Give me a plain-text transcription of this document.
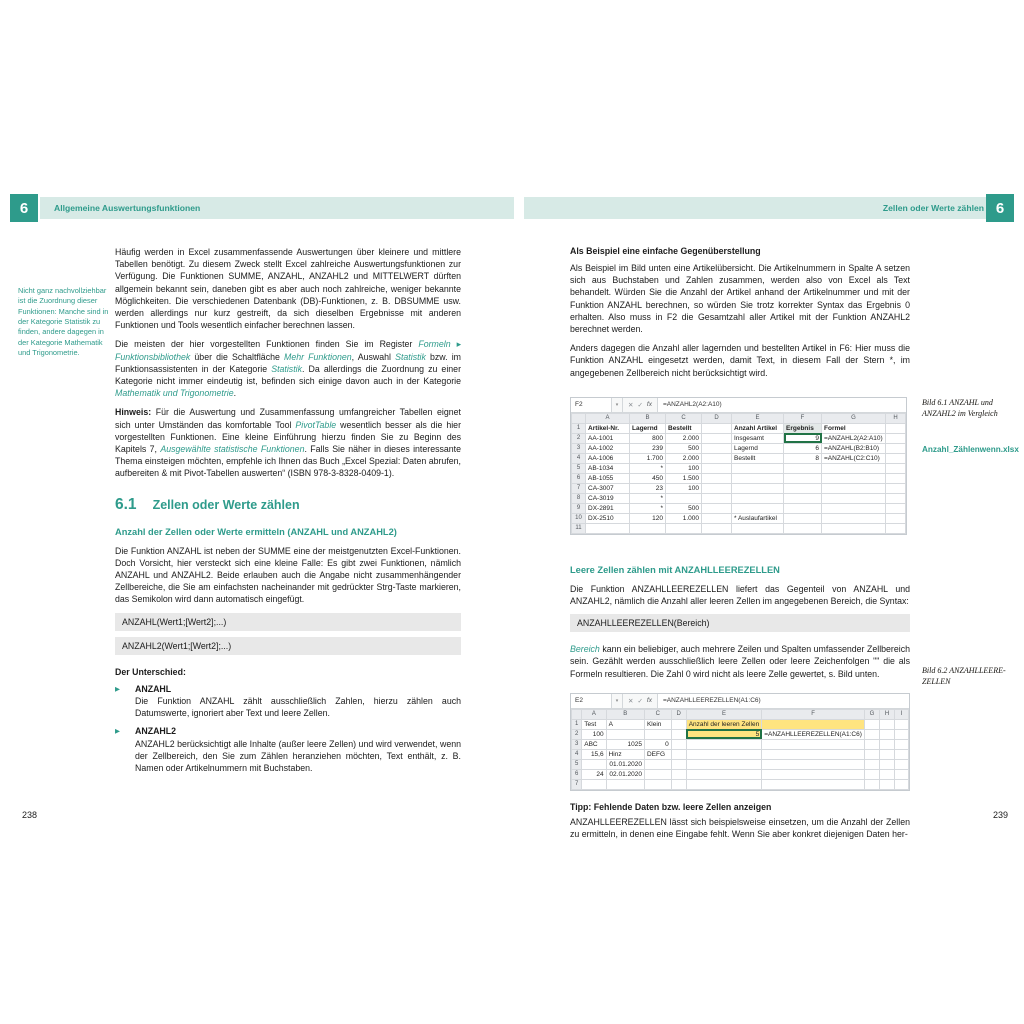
6	Allgemeine Auswertungsfunktionen	Zellen oder Werte zählen 6
Nicht ganz nachvollziehbar ist die Zuordnung dieser Funktionen: Manche sind in der Kategorie Statistik zu finden, andere dagegen in der Kategorie Mathematik und Trigonometrie.

Häufig werden in Excel zusammenfassende Auswertungen über kleinere und mittlere Tabellen benötigt. Zu diesem Zweck stellt Excel zahlreiche Auswertungsfunktionen zur Verfügung. Die Funktionen SUMME, ANZAHL, ANZAHL2 und MITTELWERT dürften allgemein bekannt sein, daneben gibt es aber auch noch zahlreiche, weniger bekannte Möglichkeiten. Die verschiedenen Datenbank (DB)-Funktionen, z. B. DBSUMME usw. werden allerdings nur kurz gestreift, da sich dieselben Ergebnisse mit anderen Funktionen und Tools wesentlich einfacher berechnen lassen.

Die meisten der hier vorgestellten Funktionen finden Sie im Register Formeln ▸ Funktionsbibliothek über die Schaltfläche Mehr Funktionen, Auswahl Statistik bzw. im Funktionsassistenten in der Kategorie Statistik. Da allerdings die Zuordnung zu einer Kategorie nicht immer eindeutig ist, befinden sich einige davon auch in der Kategorie Mathematik und Trigonometrie.

Hinweis: Für die Auswertung und Zusammenfassung umfangreicher Tabellen eignet sich unter Umständen das komfortable Tool PivotTable wesentlich besser als die hier vorgestellten Funktionen. Eine kleine Einführung hierzu finden Sie zu Beginn des Kapitels 7, Ausgewählte statistische Funktionen. Falls Sie näher in dieses interessante Thema einsteigen möchten, empfehle ich Ihnen das Buch „Excel Spezial: Daten abrufen, aufbereiten & mit Pivot-Tabellen auswerten“ (ISBN 978-3-8328-0409-1).

6.1 Zellen oder Werte zählen
Anzahl der Zellen oder Werte ermitteln (ANZAHL und ANZAHL2)

Die Funktion ANZAHL ist neben der SUMME eine der meistgenutzten Excel-Funktionen. Doch Vorsicht, hier versteckt sich eine kleine Falle: Es gibt zwei Funktionen, nämlich ANZAHL und ANZAHL2. Beide erlauben auch die Angabe nicht zusammenhängender Zellbereiche, die Sie am einfachsten nacheinander mit gedrückter Strg-Taste markieren, das Semikolon wird dann automatisch eingefügt.

ANZAHL(Wert1;[Wert2];...)
ANZAHL2(Wert1;[Wert2];...)

Der Unterschied:

▶	ANZAHL
Die Funktion ANZAHL zählt ausschließlich Zahlen, hierzu zählen auch Datumswerte, ignoriert aber Text und leere Zellen.
▶	ANZAHL2
ANZAHL2 berücksichtigt alle Inhalte (außer leere Zellen) und wird verwendet, wenn der Zellbereich, den Sie zum Zählen heranziehen möchten, Text enthält, z. B. Namen oder Artikelnummern mit Buchstaben.
Als Beispiel eine einfache Gegenüberstellung

Als Beispiel im Bild unten eine Artikelübersicht. Die Artikelnummern in Spalte A setzen sich aus Buchstaben und Zahlen zusammen, werden also von Excel als Text behandelt. Würden Sie die Anzahl der Artikel anhand der Artikelnummer und mit der Funktion ANZAHL berechnen, so würden Sie trotz korrekter Syntax das Ergebnis 0 erhalten. Also muss in F2 die Gesamtzahl aller Artikel mit der Funktion ANZAHL2 berechnet werden.

Anders dagegen die Anzahl aller lagernden und bestellten Artikel in F6: Hier muss die Funktion ANZAHL eingesetzt werden, damit Text, in diesem Fall der Stern *, im angegebenen Zellbereich nicht berücksichtigt wird.

F2	▾	✕ ✓ fx	=ANZAHL2(A2:A10)
	A	B	C	D	E	F	G	H
1	Artikel-Nr.	Lagernd	Bestellt		Anzahl Artikel	Ergebnis	Formel	
2	AA-1001	800	2.000		Insgesamt	9	=ANZAHL2(A2:A10)	
3	AA-1002	239	500		Lagernd	6	=ANZAHL(B2:B10)	
4	AA-1006	1.700	2.000		Bestellt	8	=ANZAHL(C2:C10)	
5	AB-1034	*	100					
6	AB-1055	450	1.500					
7	CA-3007	23	100					
8	CA-3019	*						
9	DX-2891	*	500					
10	DX-2510	120	1.000		* Auslaufartikel			
11								
Leere Zellen zählen mit ANZAHLLEEREZELLEN

Die Funktion ANZAHLLEEREZELLEN liefert das Gegenteil von ANZAHL und ANZAHL2, nämlich die Anzahl aller leeren Zellen im angegebenen Bereich, die Syntax:

ANZAHLLEEREZELLEN(Bereich)

Bereich kann ein beliebiger, auch mehrere Zeilen und Spalten umfassender Zellbereich sein. Gezählt werden ausschließlich leere Zellen oder leere Zeichenfolgen "" die als Formeln resultieren. Die Zahl 0 wird nicht als leere Zelle gewertet, s. Bild unten.

E2	▾	✕ ✓ fx	=ANZAHLLEEREZELLEN(A1:C6)
	A	B	C	D	E	F	G	H	I
1	Test	A	Klein		Anzahl der leeren Zellen				
2	100				5	=ANZAHLLEEREZELLEN(A1:C6)			
3	ABC	1025	0						
4	15,6	Hinz	DEFG						
5		01.01.2020							
6	24	02.01.2020							
7									

Tipp: Fehlende Daten bzw. leere Zellen anzeigen

ANZAHLLEEREZELLEN lässt sich beispielsweise einsetzen, um die Anzahl der Zellen zu ermitteln, in denen eine Eingabe fehlt. Wenn Sie aber konkret diejenigen Daten her-

Bild 6.1 ANZAHL und ANZAHL2 im Vergleich
Anzahl_Zählenwenn.xlsx
Bild 6.2 ANZAHLLEERE-ZELLEN
238	239
